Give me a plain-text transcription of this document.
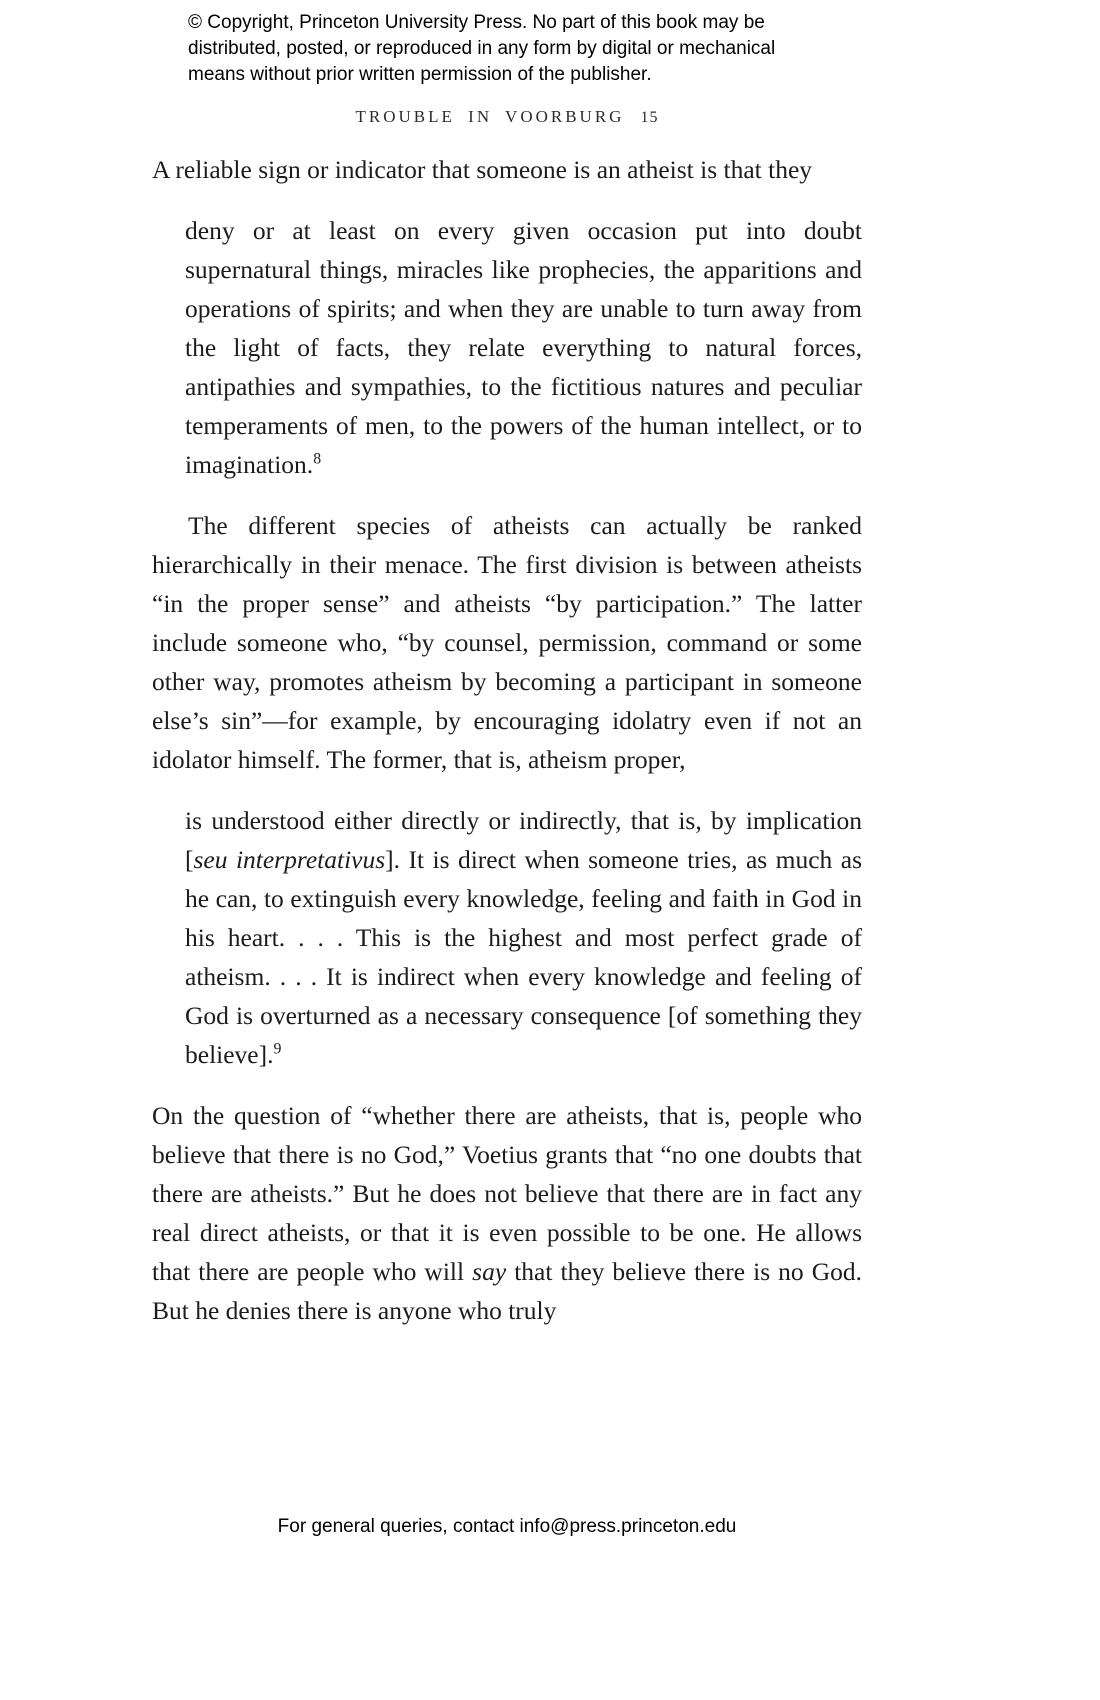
© Copyright, Princeton University Press. No part of this book may be
distributed, posted, or reproduced in any form by digital or mechanical
means without prior written permission of the publisher.
TROUBLE IN VOORBURG 15

A reliable sign or indicator that someone is an atheist is that they

deny or at least on every given occasion put into doubt supernatural things, miracles like prophecies, the apparitions and operations of spirits; and when they are unable to turn away from the light of facts, they relate everything to natural forces, antipathies and sympathies, to the fictitious natures and peculiar temperaments of men, to the powers of the human intellect, or to imagination.$^8$

The different species of atheists can actually be ranked hierarchically in their menace. The first division is between atheists “in the proper sense” and atheists “by participation.” The latter include someone who, “by counsel, permission, command or some other way, promotes atheism by becoming a participant in someone else’s sin”—for example, by encouraging idolatry even if not an idolator himself. The former, that is, atheism proper,

is understood either directly or indirectly, that is, by implication [seu interpretativus]. It is direct when someone tries, as much as he can, to extinguish every knowledge, feeling and faith in God in his heart. . . . This is the highest and most perfect grade of atheism. . . . It is indirect when every knowledge and feeling of God is overturned as a necessary consequence [of something they believe].$^9$

On the question of “whether there are atheists, that is, people who believe that there is no God,” Voetius grants that “no one doubts that there are atheists.” But he does not believe that there are in fact any real direct atheists, or that it is even possible to be one. He allows that there are people who will say that they believe there is no God. But he denies there is anyone who truly

For general queries, contact info@press.princeton.edu
